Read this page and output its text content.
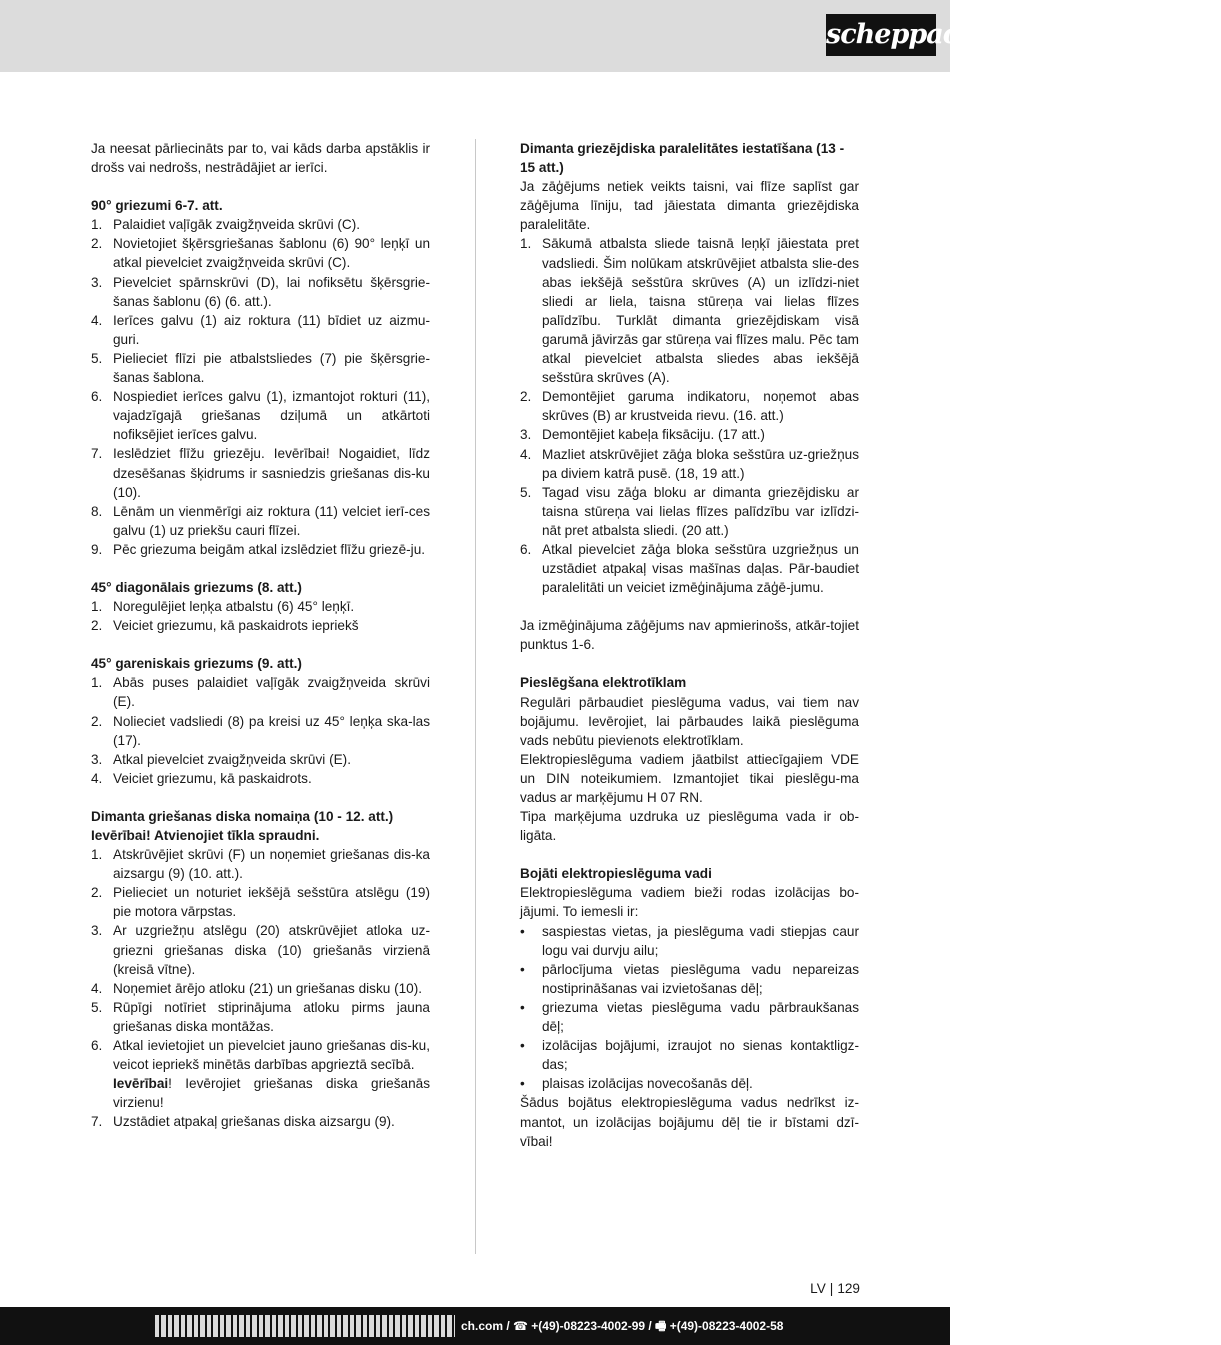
scheppach

Ja neesat pārliecināts par to, vai kāds darba apstāklis ir drošs vai nedrošs, nestrādājiet ar ierīci.

90° griezumi 6-7. att.

1. Palaidiet vaļīgāk zvaigžņveida skrūvi (C).
2. Novietojiet šķērsgriešanas šablonu (6) 90° leņķī un atkal pievelciet zvaigžņveida skrūvi (C).
3. Pievelciet spārnskrūvi (D), lai nofiksētu šķērsgrie-šanas šablonu (6) (6. att.).
4. Ierīces galvu (1) aiz roktura (11) bīdiet uz aizmu-guri.
5. Pielieciet flīzi pie atbalstsliedes (7) pie šķērsgrie-šanas šablona.
6. Nospiediet ierīces galvu (1), izmantojot rokturi (11), vajadzīgajā griešanas dziļumā un atkārtoti nofiksējiet ierīces galvu.
7. Ieslēdziet flīžu griezēju. Ievērībai! Nogaidiet, līdz dzesēšanas šķidrums ir sasniedzis griešanas dis-ku (10).
8. Lēnām un vienmērīgi aiz roktura (11) velciet ierī-ces galvu (1) uz priekšu cauri flīzei.
9. Pēc griezuma beigām atkal izslēdziet flīžu griezē-ju.

45° diagonālais griezums (8. att.)

1. Noregulējiet leņķa atbalstu (6) 45° leņķī.
2. Veiciet griezumu, kā paskaidrots iepriekš

45° gareniskais griezums (9. att.)

1. Abās puses palaidiet vaļīgāk zvaigžņveida skrūvi (E).
2. Nolieciet vadsliedi (8) pa kreisi uz 45° leņķa ska-las (17).
3. Atkal pievelciet zvaigžņveida skrūvi (E).
4. Veiciet griezumu, kā paskaidrots.

Dimanta griešanas diska nomaiņa (10 - 12. att.)

Ievērībai! Atvienojiet tīkla spraudni.

1. Atskrūvējiet skrūvi (F) un noņemiet griešanas dis-ka aizsargu (9) (10. att.).
2. Pielieciet un noturiet iekšējā sešstūra atslēgu (19) pie motora vārpstas.
3. Ar uzgriežņu atslēgu (20) atskrūvējiet atloka uz-griezni griešanas diska (10) griešanās virzienā (kreisā vītne).
4. Noņemiet ārējo atloku (21) un griešanas disku (10).
5. Rūpīgi notīriet stiprinājuma atloku pirms jauna griešanas diska montāžas.
6. Atkal ievietojiet un pievelciet jauno griešanas dis-ku, veicot iepriekš minētās darbības apgrieztā secībā.
Ievērībai! Ievērojiet griešanas diska griešanās virzienu!
7. Uzstādiet atpakaļ griešanas diska aizsargu (9).

Dimanta griezējdiska paralelitātes iestatīšana (13 - 15 att.)

Ja zāģējums netiek veikts taisni, vai flīze saplīst gar zāģējuma līniju, tad jāiestata dimanta griezējdiska paralelitāte.

1. Sākumā atbalsta sliede taisnā leņķī jāiestata pret vadsliedi. Šim nolūkam atskrūvējiet atbalsta slie-des abas iekšējā sešstūra skrūves (A) un izlīdzi-niet sliedi ar liela, taisna stūreņa vai lielas flīzes palīdzību. Turklāt dimanta griezējdiskam visā garumā jāvirzās gar stūreņa vai flīzes malu. Pēc tam atkal pievelciet atbalsta sliedes abas iekšējā sešstūra skrūves (A).
2. Demontējiet garuma indikatoru, noņemot abas skrūves (B) ar krustveida rievu. (16. att.)
3. Demontējiet kabeļa fiksāciju. (17 att.)
4. Mazliet atskrūvējiet zāģa bloka sešstūra uz-griežņus pa diviem katrā pusē. (18, 19 att.)
5. Tagad visu zāģa bloku ar dimanta griezējdisku ar taisna stūreņa vai lielas flīzes palīdzību var izlīdzi-nāt pret atbalsta sliedi. (20 att.)
6. Atkal pievelciet zāģa bloka sešstūra uzgriežņus un uzstādiet atpakaļ visas mašīnas daļas. Pār-baudiet paralelitāti un veiciet izmēģinājuma zāģē-jumu.

Ja izmēģinājuma zāģējums nav apmierinošs, atkār-tojiet punktus 1-6.

Pieslēgšana elektrotīklam

Regulāri pārbaudiet pieslēguma vadus, vai tiem nav bojājumu. Ievērojiet, lai pārbaudes laikā pieslēguma vads nebūtu pievienots elektrotīklam.

Elektropieslēguma vadiem jāatbilst attiecīgajiem VDE un DIN noteikumiem. Izmantojiet tikai pieslēgu-ma vadus ar marķējumu H 07 RN.

Tipa marķējuma uzdruka uz pieslēguma vada ir ob-ligāta.

Bojāti elektropieslēguma vadi

Elektropieslēguma vadiem bieži rodas izolācijas bo-jājumi. To iemesli ir:

•	saspiestas vietas, ja pieslēguma vadi stiepjas caur logu vai durvju ailu;
•	pārlocījuma vietas pieslēguma vadu nepareizas nostiprināšanas vai izvietošanas dēļ;
•	griezuma vietas pieslēguma vadu pārbraukšanas dēļ;
•	izolācijas bojājumi, izraujot no sienas kontaktligz-das;
•	plaisas izolācijas novecošanās dēļ.

Šādus bojātus elektropieslēguma vadus nedrīkst iz-mantot, un izolācijas bojājumu dēļ tie ir bīstami dzī-vībai!

LV | 129
ch.com / ☎ +(49)-08223-4002-99 / 🖷 +(49)-08223-4002-58
